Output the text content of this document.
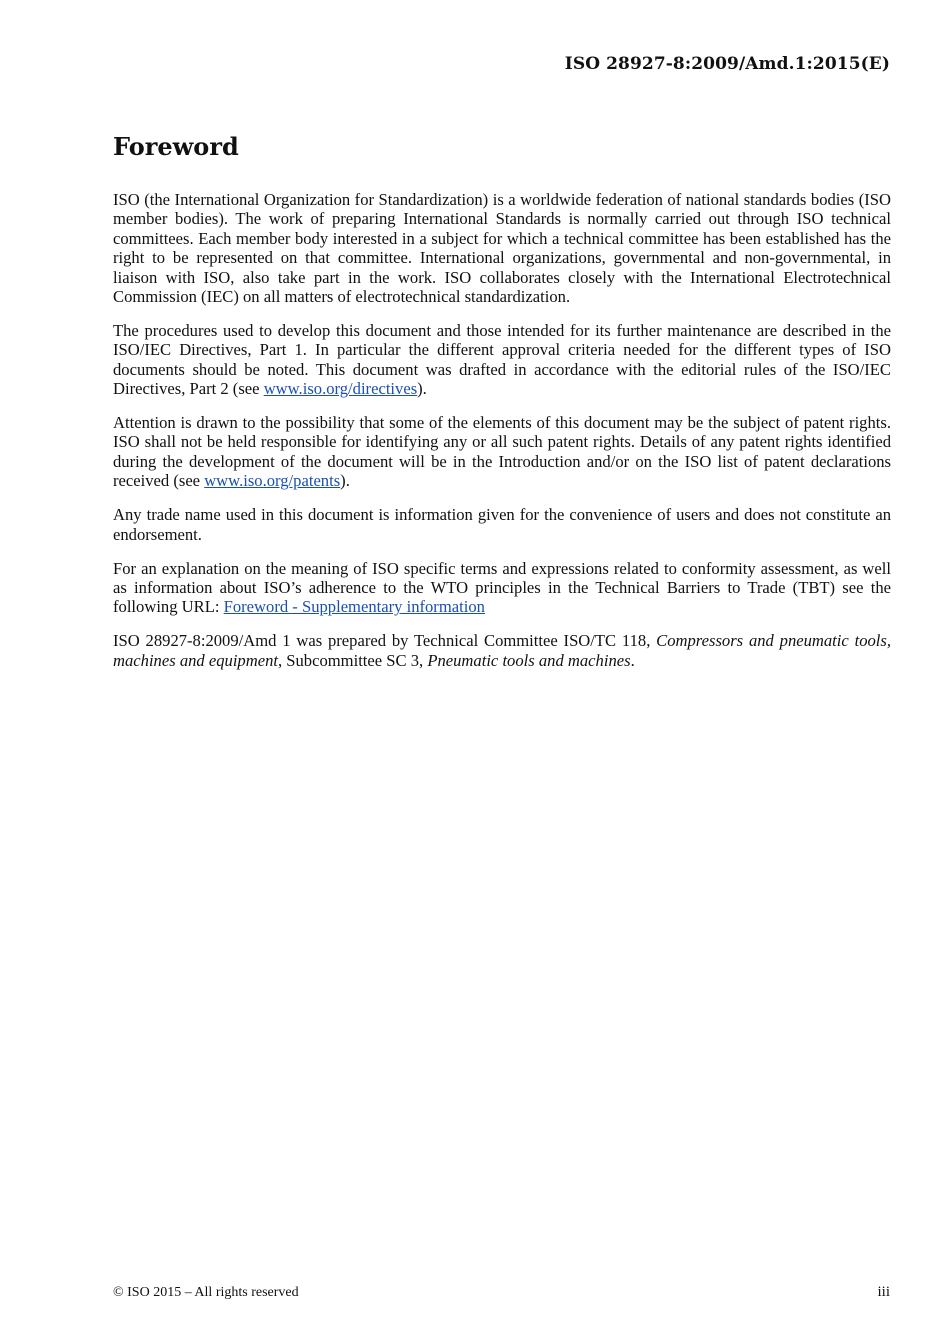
ISO 28927-8:2009/Amd.1:2015(E)
Foreword

ISO (the International Organization for Standardization) is a worldwide federation of national standards bodies (ISO member bodies). The work of preparing International Standards is normally carried out through ISO technical committees. Each member body interested in a subject for which a technical committee has been established has the right to be represented on that committee. International organizations, governmental and non-governmental, in liaison with ISO, also take part in the work. ISO collaborates closely with the International Electrotechnical Commission (IEC) on all matters of electrotechnical standardization.

The procedures used to develop this document and those intended for its further maintenance are described in the ISO/IEC Directives, Part 1. In particular the different approval criteria needed for the different types of ISO documents should be noted. This document was drafted in accordance with the editorial rules of the ISO/IEC Directives, Part 2 (see www.iso.org/directives).

Attention is drawn to the possibility that some of the elements of this document may be the subject of patent rights. ISO shall not be held responsible for identifying any or all such patent rights. Details of any patent rights identified during the development of the document will be in the Introduction and/or on the ISO list of patent declarations received (see www.iso.org/patents).

Any trade name used in this document is information given for the convenience of users and does not constitute an endorsement.

For an explanation on the meaning of ISO specific terms and expressions related to conformity assessment, as well as information about ISO’s adherence to the WTO principles in the Technical Barriers to Trade (TBT) see the following URL: Foreword - Supplementary information

ISO 28927-8:2009/Amd 1 was prepared by Technical Committee ISO/TC 118, Compressors and pneumatic tools, machines and equipment, Subcommittee SC 3, Pneumatic tools and machines.

© ISO 2015 – All rights reserved	iii
